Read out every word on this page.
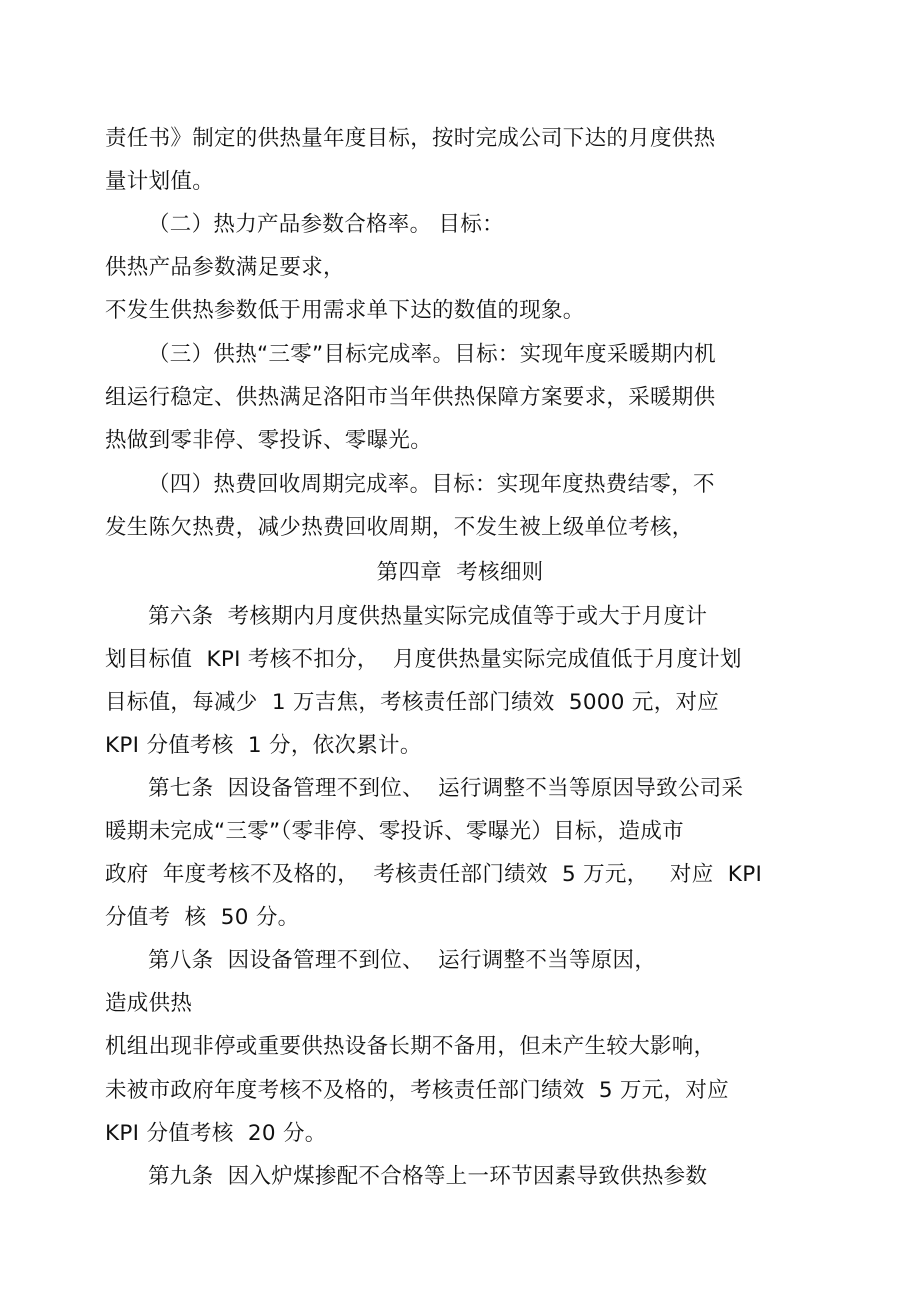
责任书》制定的供热量年度目标，按时完成公司下达的月度供热
量计划值。
（二）热力产品参数合格率。 目标：
供热产品参数满足要求，
不发生供热参数低于用需求单下达的数值的现象。
（三）供热“三零”目标完成率。目标：实现年度采暖期内机
组运行稳定、供热满足洛阳市当年供热保障方案要求，采暖期供
热做到零非停、零投诉、零曝光。
（四）热费回收周期完成率。目标：实现年度热费结零，不
发生陈欠热费，减少热费回收周期，不发生被上级单位考核，
第四章  考核细则
第六条  考核期内月度供热量实际完成值等于或大于月度计
划目标值  KPI 考核不扣分，  月度供热量实际完成值低于月度计划
目标值，每减少  1 万吉焦，考核责任部门绩效  5000 元，对应
KPI 分值考核  1 分，依次累计。
第七条  因设备管理不到位、  运行调整不当等原因导致公司采
暖期未完成“三零”（零非停、零投诉、零曝光）目标，造成市
政府  年度考核不及格的，  考核责任部门绩效  5 万元，   对应  KPI
分值考  核  50 分。
第八条  因设备管理不到位、  运行调整不当等原因，
造成供热
机组出现非停或重要供热设备长期不备用，但未产生较大影响，
未被市政府年度考核不及格的，考核责任部门绩效  5 万元，对应
KPI 分值考核  20 分。
第九条  因入炉煤掺配不合格等上一环节因素导致供热参数
